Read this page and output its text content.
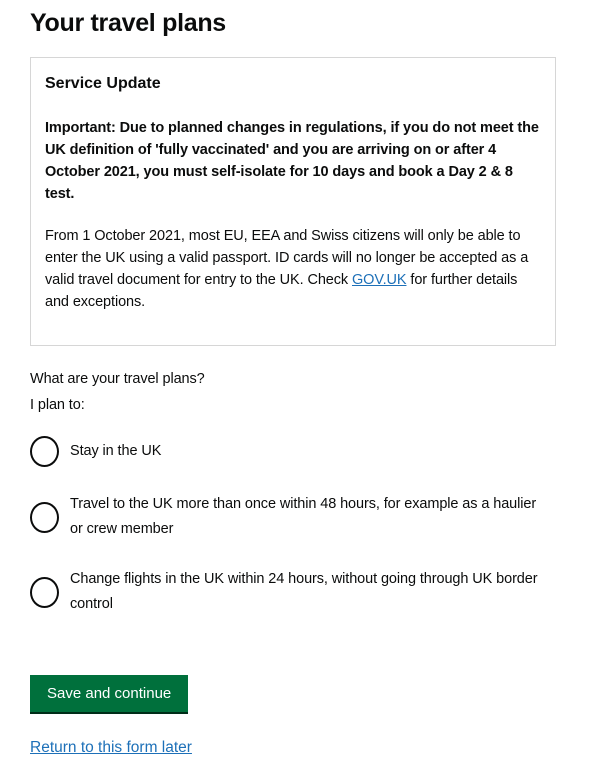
Your travel plans
Service Update

Important: Due to planned changes in regulations, if you do not meet the UK definition of 'fully vaccinated' and you are arriving on or after 4 October 2021, you must self-isolate for 10 days and book a Day 2 & 8 test.

From 1 October 2021, most EU, EEA and Swiss citizens will only be able to enter the UK using a valid passport. ID cards will no longer be accepted as a valid travel document for entry to the UK. Check GOV.UK for further details and exceptions.

What are your travel plans?

I plan to:

Stay in the UK
Travel to the UK more than once within 48 hours, for example as a haulier or crew member
Change flights in the UK within 24 hours, without going through UK border control
Save and continue
Return to this form later
